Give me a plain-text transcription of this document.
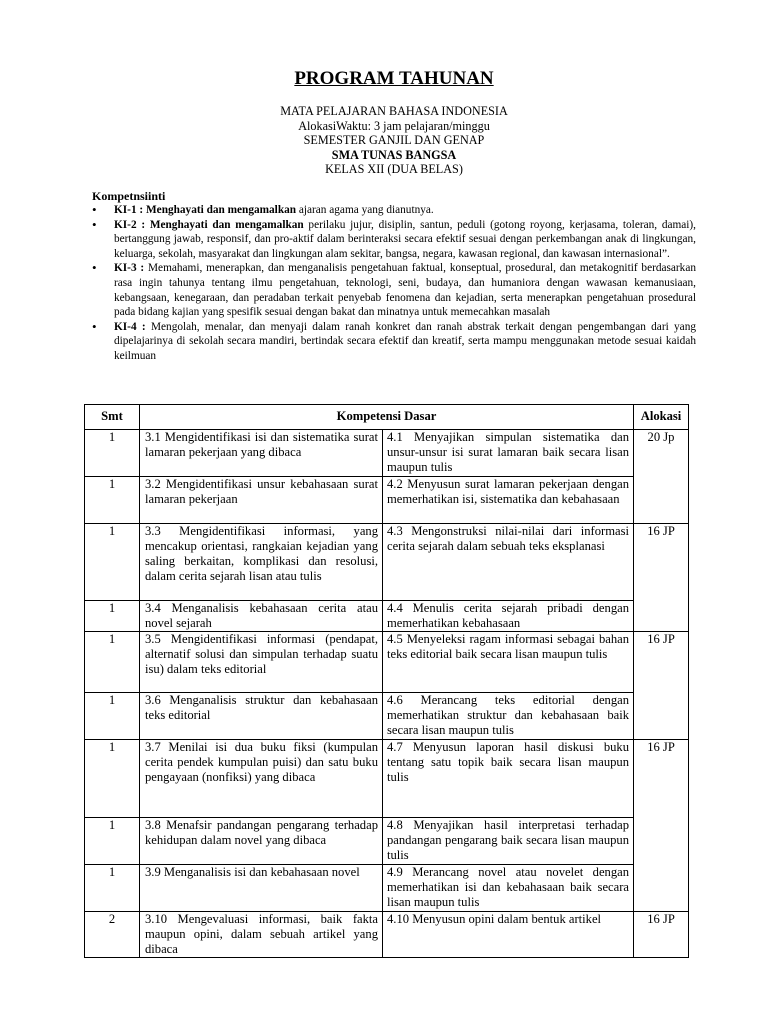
PROGRAM TAHUNAN
MATA PELAJARAN BAHASA INDONESIA
AlokasiWaktu: 3 jam pelajaran/minggu
SEMESTER GANJIL DAN GENAP
SMA TUNAS BANGSA
KELAS XII (DUA BELAS)
Kompetnsiinti
• KI-1 : Menghayati dan mengamalkan ajaran agama yang dianutnya.
• KI-2 : Menghayati dan mengamalkan perilaku jujur, disiplin, santun, peduli (gotong royong, kerjasama, toleran, damai), bertanggung jawab, responsif, dan pro-aktif dalam berinteraksi secara efektif sesuai dengan perkembangan anak di lingkungan, keluarga, sekolah, masyarakat dan lingkungan alam sekitar, bangsa, negara, kawasan regional, dan kawasan internasional”.
• KI-3 : Memahami, menerapkan, dan menganalisis pengetahuan faktual, konseptual, prosedural, dan metakognitif berdasarkan rasa ingin tahunya tentang ilmu pengetahuan, teknologi, seni, budaya, dan humaniora dengan wawasan kemanusiaan, kebangsaan, kenegaraan, dan peradaban terkait penyebab fenomena dan kejadian, serta menerapkan pengetahuan prosedural pada bidang kajian yang spesifik sesuai dengan bakat dan minatnya untuk memecahkan masalah
• KI-4 : Mengolah, menalar, dan menyaji dalam ranah konkret dan ranah abstrak terkait dengan pengembangan dari yang dipelajarinya di sekolah secara mandiri, bertindak secara efektif dan kreatif, serta mampu menggunakan metode sesuai kaidah keilmuan
Smt	Kompetensi Dasar		Alokasi
1	3.1 Mengidentifikasi isi dan sistematika surat lamaran pekerjaan yang dibaca	4.1 Menyajikan simpulan sistematika dan unsur-unsur isi surat lamaran baik secara lisan maupun tulis	20 Jp
1	3.2 Mengidentifikasi unsur kebahasaan surat lamaran pekerjaan	4.2 Menyusun surat lamaran pekerjaan dengan memerhatikan isi, sistematika dan kebahasaan	
1	3.3 Mengidentifikasi informasi, yang mencakup orientasi, rangkaian kejadian yang saling berkaitan, komplikasi dan resolusi, dalam cerita sejarah lisan atau tulis	4.3 Mengonstruksi nilai-nilai dari informasi cerita sejarah dalam sebuah teks eksplanasi	16 JP
1	3.4 Menganalisis kebahasaan cerita atau novel sejarah	4.4 Menulis cerita sejarah pribadi dengan memerhatikan kebahasaan	
1	3.5 Mengidentifikasi informasi (pendapat, alternatif solusi dan simpulan terhadap suatu isu) dalam teks editorial	4.5 Menyeleksi ragam informasi sebagai bahan teks editorial baik secara lisan maupun tulis	16 JP
1	3.6 Menganalisis struktur dan kebahasaan teks editorial	4.6 Merancang teks editorial dengan memerhatikan struktur dan kebahasaan baik secara lisan maupun tulis	
1	3.7 Menilai isi dua buku fiksi (kumpulan cerita pendek kumpulan puisi) dan satu buku pengayaan (nonfiksi) yang dibaca	4.7 Menyusun laporan hasil diskusi buku tentang satu topik baik secara lisan maupun tulis	16 JP
1	3.8 Menafsir pandangan pengarang terhadap kehidupan dalam novel yang dibaca	4.8 Menyajikan hasil interpretasi terhadap pandangan pengarang baik secara lisan maupun tulis	
1	3.9 Menganalisis isi dan kebahasaan novel	4.9 Merancang novel atau novelet dengan memerhatikan isi dan kebahasaan baik secara lisan maupun tulis	
2	3.10 Mengevaluasi informasi, baik fakta maupun opini, dalam sebuah artikel yang dibaca	4.10 Menyusun opini dalam bentuk artikel	16 JP
